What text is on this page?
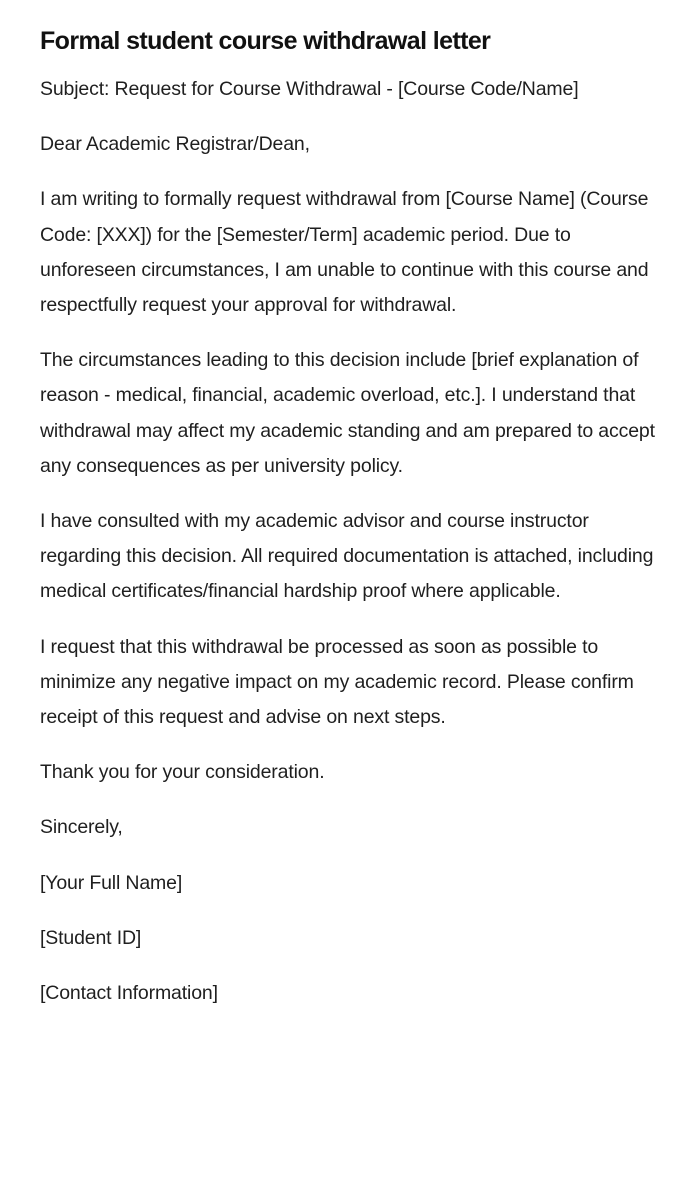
Formal student course withdrawal letter

Subject: Request for Course Withdrawal - [Course Code/Name]

Dear Academic Registrar/Dean,

I am writing to formally request withdrawal from [Course Name] (Course Code: [XXX]) for the [Semester/Term] academic period. Due to unforeseen circumstances, I am unable to continue with this course and respectfully request your approval for withdrawal.

The circumstances leading to this decision include [brief explanation of reason - medical, financial, academic overload, etc.]. I understand that withdrawal may affect my academic standing and am prepared to accept any consequences as per university policy.

I have consulted with my academic advisor and course instructor regarding this decision. All required documentation is attached, including medical certificates/financial hardship proof where applicable.

I request that this withdrawal be processed as soon as possible to minimize any negative impact on my academic record. Please confirm receipt of this request and advise on next steps.

Thank you for your consideration.

Sincerely,

[Your Full Name]

[Student ID]

[Contact Information]
